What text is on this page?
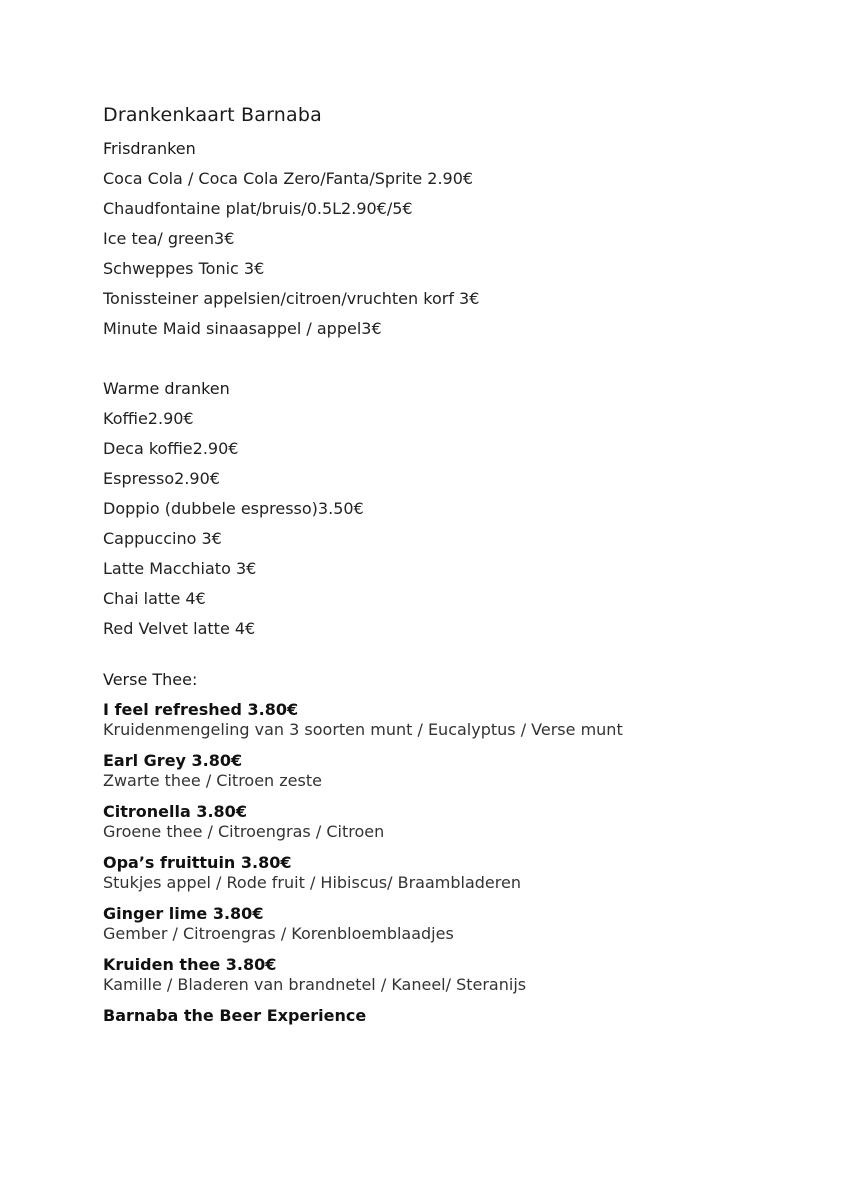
Drankenkaart Barnaba
Frisdranken
Coca Cola / Coca Cola Zero/Fanta/Sprite 2.90€
Chaudfontaine plat/bruis/0.5L2.90€/5€
Ice tea/ green3€
Schweppes Tonic 3€
Tonissteiner appelsien/citroen/vruchten korf 3€
Minute Maid sinaasappel / appel3€
Warme dranken
Koffie2.90€
Deca koffie2.90€
Espresso2.90€
Doppio (dubbele espresso)3.50€
Cappuccino 3€
Latte Macchiato 3€
Chai latte 4€
Red Velvet latte 4€
Verse Thee:
I feel refreshed 3.80€
Kruidenmengeling van 3 soorten munt / Eucalyptus / Verse munt
Earl Grey 3.80€
Zwarte thee / Citroen zeste
Citronella 3.80€
Groene thee / Citroengras / Citroen
Opa’s fruittuin 3.80€
Stukjes appel / Rode fruit / Hibiscus/ Braambladeren
Ginger lime 3.80€
Gember / Citroengras / Korenbloemblaadjes
Kruiden thee 3.80€
Kamille / Bladeren van brandnetel / Kaneel/ Steranijs
Barnaba the Beer Experience
